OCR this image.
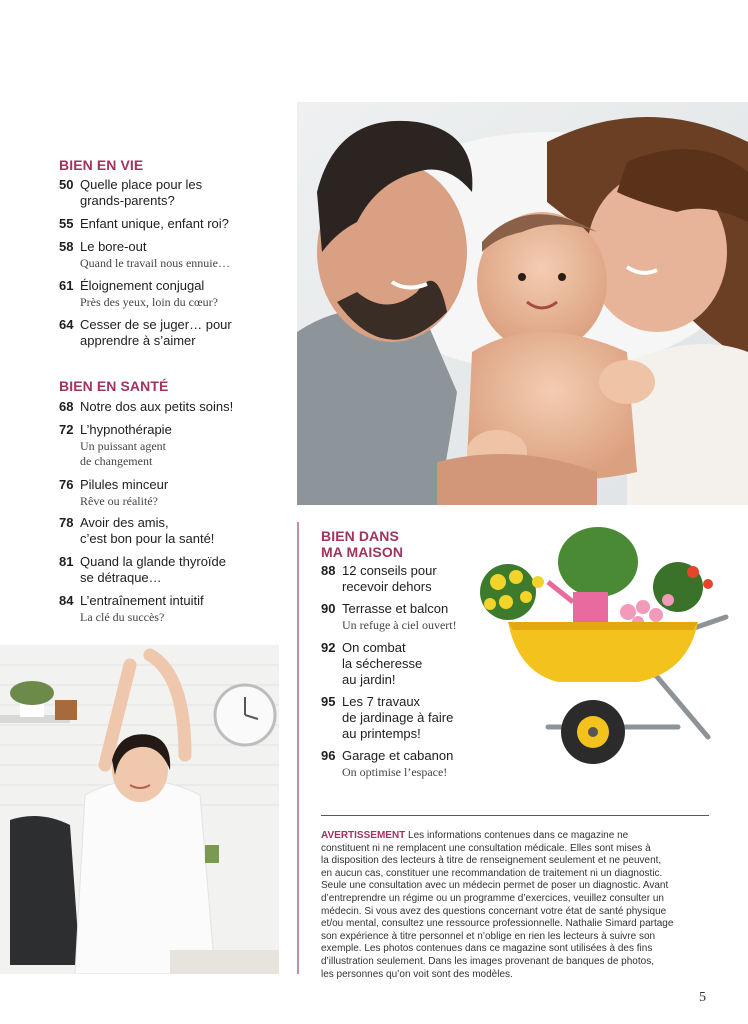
BIEN EN VIE
50 Quelle place pour les
grands-parents?
55 Enfant unique, enfant roi?
58 Le bore-out
Quand le travail nous ennuie…
61 Éloignement conjugal
Près des yeux, loin du cœur?
64 Cesser de se juger… pour
apprendre à s’aimer
BIEN EN SANTÉ
68 Notre dos aux petits soins!
72 L’hypnothérapie
Un puissant agent
de changement
76 Pilules minceur
Rêve ou réalité?
78 Avoir des amis,
c’est bon pour la santé!
81 Quand la glande thyroïde
se détraque…
84 L’entraînement intuitif
La clé du succès?
BIEN DANS
MA MAISON
88 12 conseils pour
recevoir dehors
90 Terrasse et balcon
Un refuge à ciel ouvert!
92 On combat
la sécheresse
au jardin!
95 Les 7 travaux
de jardinage à faire
au printemps!
96 Garage et cabanon
On optimise l’espace!
AVERTISSEMENT Les informations contenues dans ce magazine ne
constituent ni ne remplacent une consultation médicale. Elles sont mises à
la disposition des lecteurs à titre de renseignement seulement et ne peuvent,
en aucun cas, constituer une recommandation de traitement ni un diagnostic.
Seule une consultation avec un médecin permet de poser un diagnostic. Avant
d’entreprendre un régime ou un programme d’exercices, veuillez consulter un
médecin. Si vous avez des questions concernant votre état de santé physique
et/ou mental, consultez une ressource professionnelle. Nathalie Simard partage
son expérience à titre personnel et n’oblige en rien les lecteurs à suivre son
exemple. Les photos contenues dans ce magazine sont utilisées à des fins
d’illustration seulement. Dans les images provenant de banques de photos,
les personnes qu’on voit sont des modèles.
5
